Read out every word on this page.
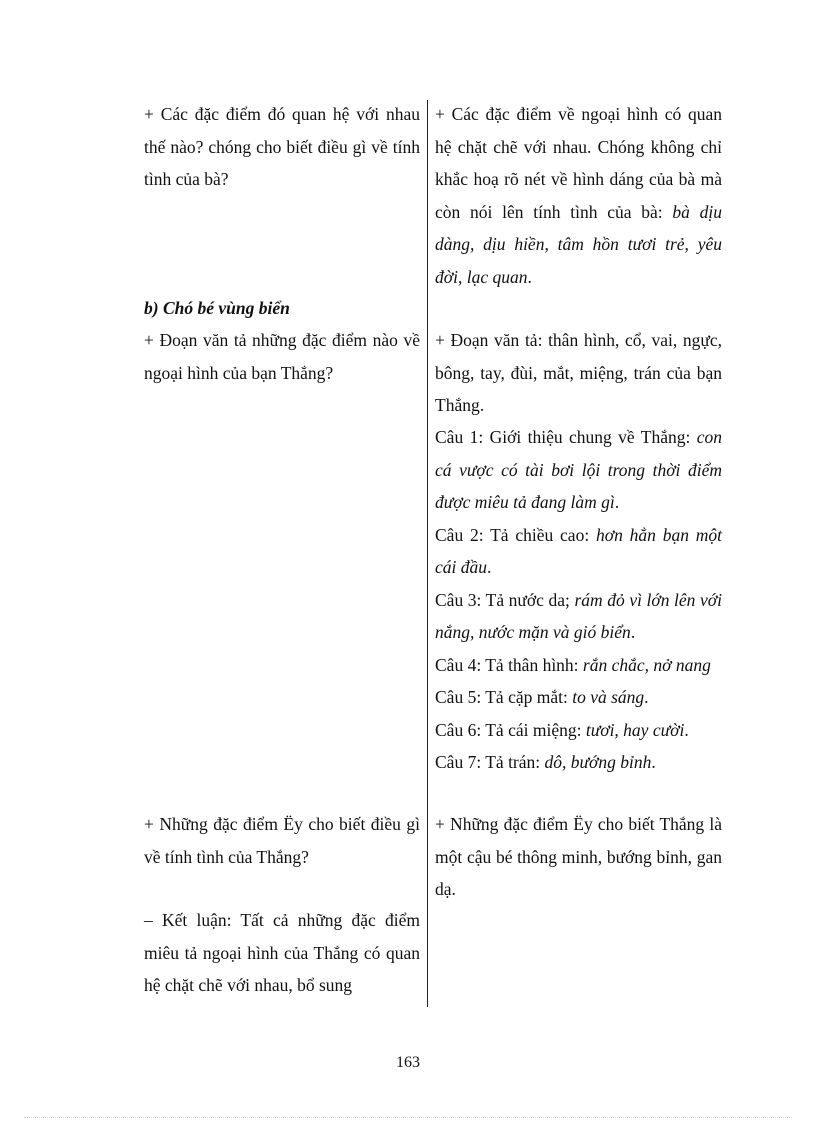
+ Các đặc điểm đó quan hệ với nhau thế nào? chóng cho biết điều gì về tính tình của bà?

b) Chó bé vùng biển

+ Đoạn văn tả những đặc điểm nào về ngoại hình của bạn Thắng?

+ Những đặc điểm Ëy cho biết điều gì về tính tình của Thắng?

– Kết luận: Tất cả những đặc điểm miêu tả ngoại hình của Thắng có quan hệ chặt chẽ với nhau, bổ sung

+ Các đặc điểm về ngoại hình có quan hệ chặt chẽ với nhau. Chóng không chỉ khắc hoạ rõ nét về hình dáng của bà mà còn nói lên tính tình của bà: bà dịu dàng, dịu hiền, tâm hồn tươi trẻ, yêu đời, lạc quan.

+ Đoạn văn tả: thân hình, cổ, vai, ngực, bông, tay, đùi, mắt, miệng, trán của bạn Thắng.

Câu 1: Giới thiệu chung về Thắng: con cá vược có tài bơi lội trong thời điểm được miêu tả đang làm gì.

Câu 2: Tả chiều cao: hơn hẳn bạn một cái đầu.

Câu 3: Tả nước da; rám đỏ vì lớn lên với nắng, nước mặn và gió biển.

Câu 4: Tả thân hình: rắn chắc, nở nang

Câu 5: Tả cặp mắt: to và sáng.

Câu 6: Tả cái miệng: tươi, hay cười.

Câu 7: Tả trán: dô, bướng bỉnh.

+ Những đặc điểm Ëy cho biết Thắng là một cậu bé thông minh, bướng bỉnh, gan dạ.

163
